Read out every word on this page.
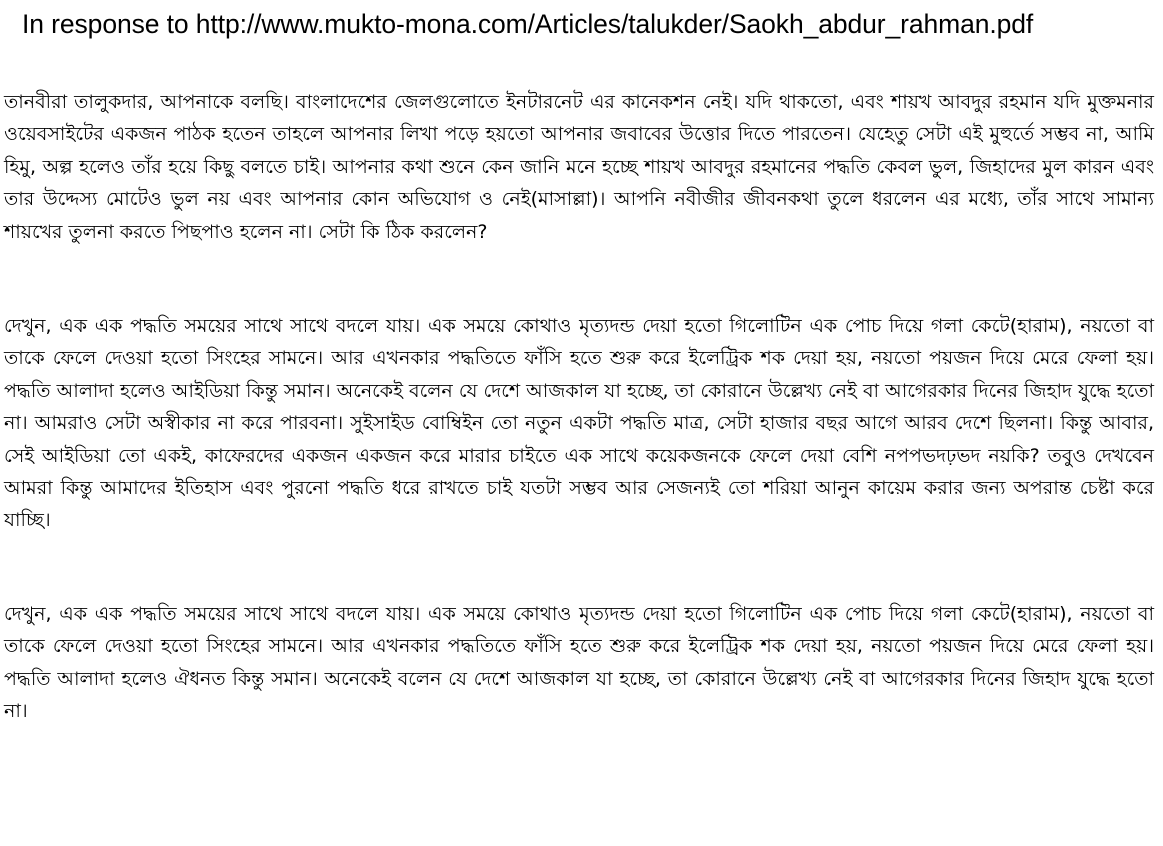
In response to http://www.mukto-mona.com/Articles/talukder/Saokh_abdur_rahman.pdf

তানবীরা তালুকদার, আপনাকে বলছি। বাংলাদেশের জেলগুলোতে ইনটারনেট এর কানেকশন নেই। যদি থাকতো, এবং শায়খ আবদুর রহমান যদি মুক্তমনার ওয়েবসাইটের একজন পাঠক হতেন তাহলে আপনার লিখা পড়ে হয়তো আপনার জবাবের উত্তোর দিতে পারতেন। যেহেতু সেটা এই মুহুর্তে সম্ভব না, আমি হিমু, অল্প হলেও তাঁর হয়ে কিছু বলতে চাই। আপনার কথা শুনে কেন জানি মনে হচ্ছে শায়খ আবদুর রহমানের পদ্ধতি কেবল ভুল, জিহাদের মুল কারন এবং তার উদ্দেস্য মোটেও ভুল নয় এবং আপনার কোন অভিযোগ ও নেই(মাসাল্লা)। আপনি নবীজীর জীবনকথা তুলে ধরলেন এর মধ্যে, তাঁর সাথে সামান্য শায়খের তুলনা করতে পিছপাও হলেন না। সেটা কি ঠিক করলেন?

দেখুন, এক এক পদ্ধতি সময়ের সাথে সাথে বদলে যায়। এক সময়ে কোথাও মৃত্যদন্ড দেয়া হতো গিলোটিন এক পোচ দিয়ে গলা কেটে(হারাম), নয়তো বা তাকে ফেলে দেওয়া হতো সিংহের সামনে। আর এখনকার পদ্ধতিতে ফাঁসি হতে শুরু করে ইলেট্রিক শক দেয়া হয়, নয়তো পয়জন দিয়ে মেরে ফেলা হয়। পদ্ধতি আলাদা হলেও আইডিয়া কিন্তু সমান। অনেকেই বলেন যে দেশে আজকাল যা হচ্ছে, তা কোরানে উল্লেখ্য নেই বা আগেরকার দিনের জিহাদ যুদ্ধে হতো না। আমরাও সেটা অস্বীকার না করে পারবনা। সুইসাইড বোম্বিইন তো নতুন একটা পদ্ধতি মাত্র, সেটা হাজার বছর আগে আরব দেশে ছিলনা। কিন্তু আবার, সেই আইডিয়া তো একই, কাফেরদের একজন একজন করে মারার চাইতে এক সাথে কয়েকজনকে ফেলে দেয়া বেশি নপপভদঢ়ভদ নয়কি? তবুও দেখবেন আমরা কিন্তু আমাদের ইতিহাস এবং পুরনো পদ্ধতি ধরে রাখতে চাই যতটা সম্ভব আর সেজন্যই তো শরিয়া আনুন কায়েম করার জন্য অপরান্ত চেষ্টা করে যাচ্ছি।

দেখুন, এক এক পদ্ধতি সময়ের সাথে সাথে বদলে যায়। এক সময়ে কোথাও মৃত্যদন্ড দেয়া হতো গিলোটিন এক পোচ দিয়ে গলা কেটে(হারাম), নয়তো বা তাকে ফেলে দেওয়া হতো সিংহের সামনে। আর এখনকার পদ্ধতিতে ফাঁসি হতে শুরু করে ইলেট্রিক শক দেয়া হয়, নয়তো পয়জন দিয়ে মেরে ফেলা হয়। পদ্ধতি আলাদা হলেও ঐধনত কিন্তু সমান। অনেকেই বলেন যে দেশে আজকাল যা হচ্ছে, তা কোরানে উল্লেখ্য নেই বা আগেরকার দিনের জিহাদ যুদ্ধে হতো না।
